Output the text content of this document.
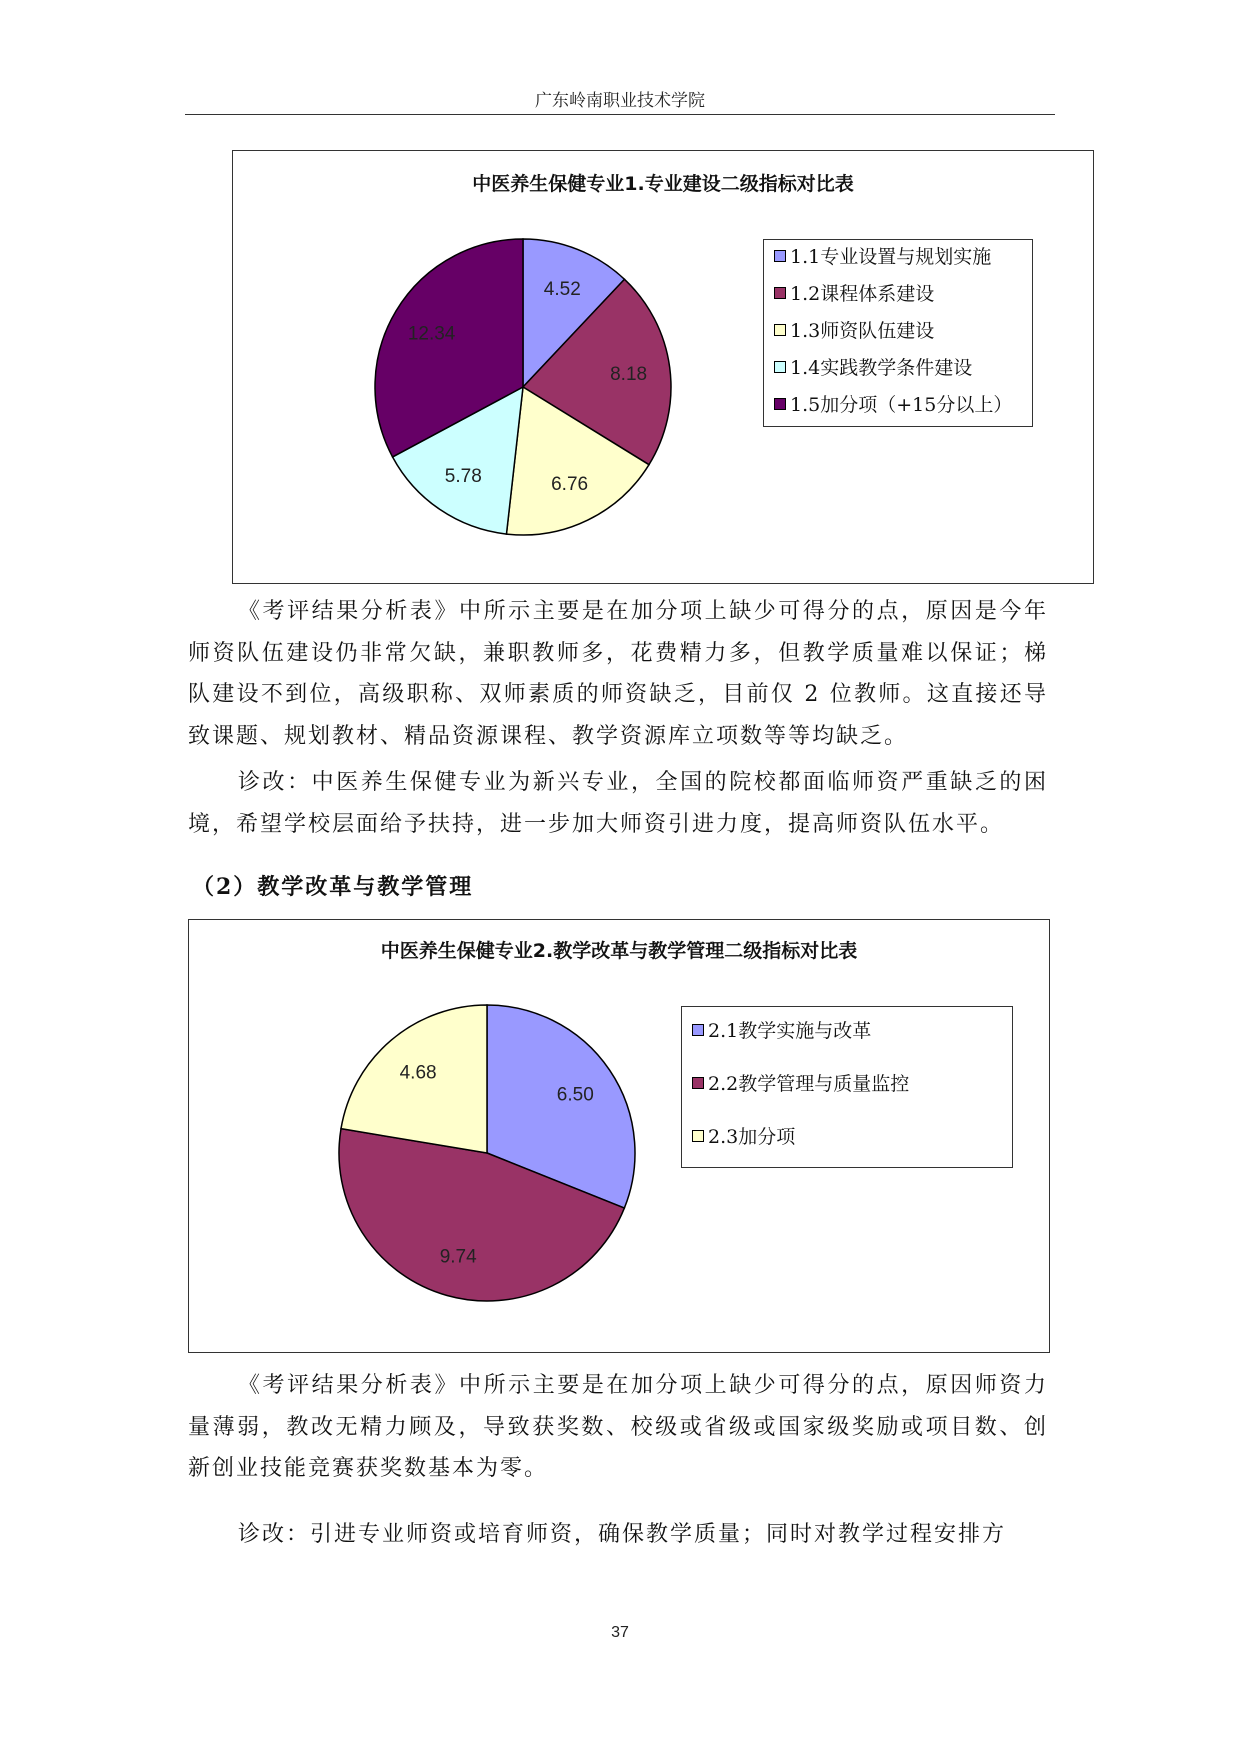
广东岭南职业技术学院
中医养生保健专业1.专业建设二级指标对比表
4.52
8.18
6.76
5.78
12.34
1.1专业设置与规划实施
1.2课程体系建设
1.3师资队伍建设
1.4实践教学条件建设
1.5加分项（+15分以上）

《考评结果分析表》中所示主要是在加分项上缺少可得分的点，原因是今年师资队伍建设仍非常欠缺，兼职教师多，花费精力多，但教学质量难以保证；梯队建设不到位，高级职称、双师素质的师资缺乏，目前仅 2 位教师。这直接还导致课题、规划教材、精品资源课程、教学资源库立项数等等均缺乏。

诊改：中医养生保健专业为新兴专业，全国的院校都面临师资严重缺乏的困境，希望学校层面给予扶持，进一步加大师资引进力度，提高师资队伍水平。

（2）教学改革与教学管理
中医养生保健专业2.教学改革与教学管理二级指标对比表
6.50
9.74
4.68
2.1教学实施与改革
2.2教学管理与质量监控
2.3加分项

《考评结果分析表》中所示主要是在加分项上缺少可得分的点，原因师资力量薄弱，教改无精力顾及，导致获奖数、校级或省级或国家级奖励或项目数、创新创业技能竞赛获奖数基本为零。

诊改：引进专业师资或培育师资，确保教学质量；同时对教学过程安排方

37
